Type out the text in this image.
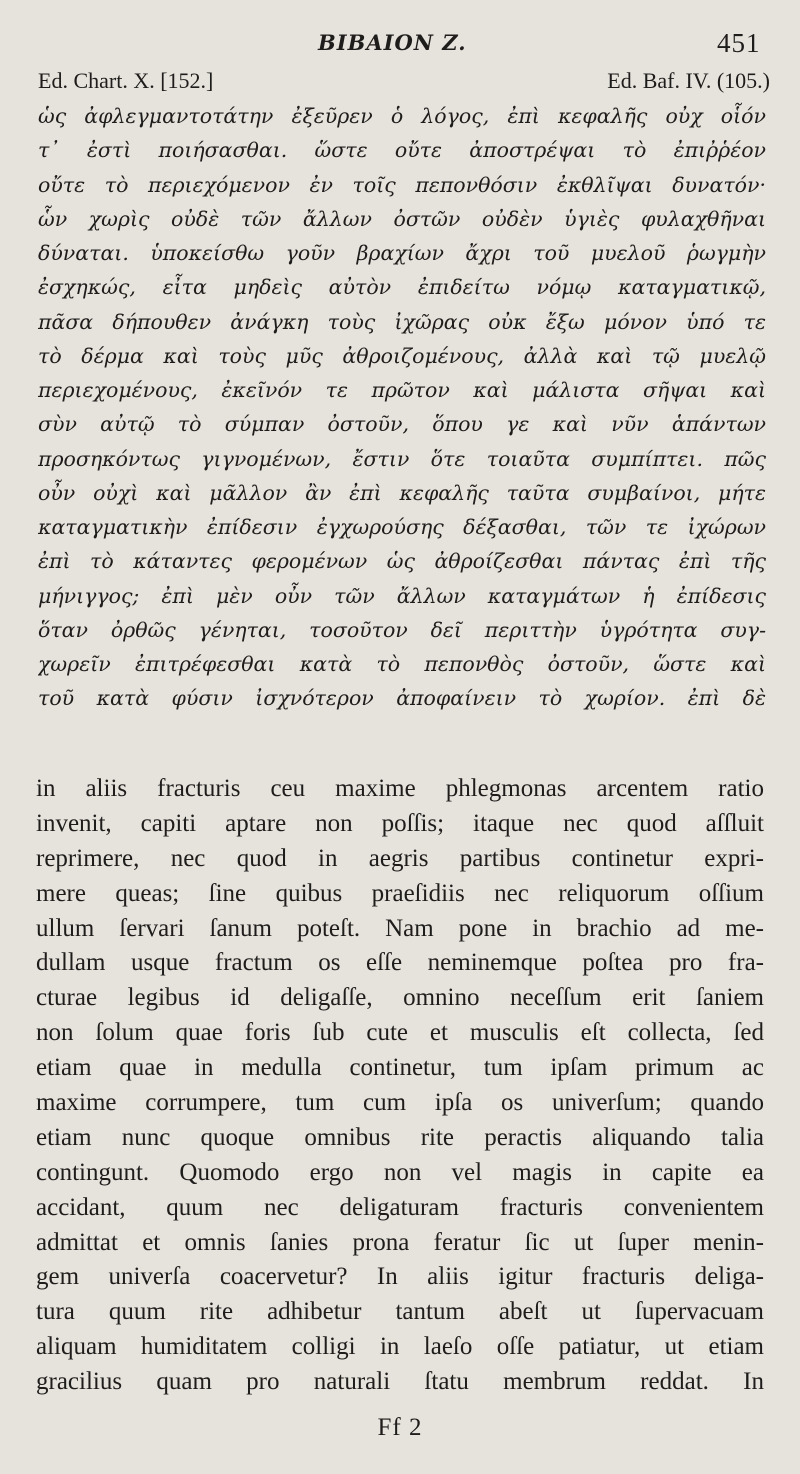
BIBAION Z.	451
Ed. Chart. X. [152.]	Ed. Baf. IV. (105.)
ὡς ἀφλεγμαντοτάτην ἐξεῦρεν ὁ λόγος, ἐπὶ κεφαλῆς οὐχ οἷόν
τ᾽ ἐστὶ ποιήσασθαι. ὥστε οὔτε ἀποστρέψαι τὸ ἐπιῤῥέον
οὔτε τὸ περιεχόμενον ἐν τοῖς πεπονθόσιν ἐκθλῖψαι δυνατόν·
ὧν χωρὶς οὐδὲ τῶν ἄλλων ὀστῶν οὐδὲν ὑγιὲς φυλαχθῆναι
δύναται. ὑποκείσθω γοῦν βραχίων ἄχρι τοῦ μυελοῦ ῥωγμὴν
ἐσχηκώς, εἶτα μηδεὶς αὐτὸν ἐπιδείτω νόμῳ καταγματικῷ,
πᾶσα δήπουθεν ἀνάγκη τοὺς ἰχῶρας οὐκ ἔξω μόνον ὑπό τε
τὸ δέρμα καὶ τοὺς μῦς ἀθροιζομένους, ἀλλὰ καὶ τῷ μυελῷ
περιεχομένους, ἐκεῖνόν τε πρῶτον καὶ μάλιστα σῆψαι καὶ
σὺν αὐτῷ τὸ σύμπαν ὀστοῦν, ὅπου γε καὶ νῦν ἁπάντων
προσηκόντως γιγνομένων, ἔστιν ὅτε τοιαῦτα συμπίπτει. πῶς
οὖν οὐχὶ καὶ μᾶλλον ἂν ἐπὶ κεφαλῆς ταῦτα συμβαίνοι, μήτε
καταγματικὴν ἐπίδεσιν ἐγχωρούσης δέξασθαι, τῶν τε ἰχώρων
ἐπὶ τὸ κάταντες φερομένων ὡς ἀθροίζεσθαι πάντας ἐπὶ τῆς
μήνιγγος; ἐπὶ μὲν οὖν τῶν ἄλλων καταγμάτων ἡ ἐπίδεσις
ὅταν ὀρθῶς γένηται, τοσοῦτον δεῖ περιττὴν ὑγρότητα συγ-
χωρεῖν ἐπιτρέφεσθαι κατὰ τὸ πεπονθὸς ὀστοῦν, ὥστε καὶ
τοῦ κατὰ φύσιν ἰσχνότερον ἀποφαίνειν τὸ χωρίον. ἐπὶ δὲ
in aliis fracturis ceu maxime phlegmonas arcentem ratio
invenit, capiti aptare non poſſis; itaque nec quod aſſluit
reprimere, nec quod in aegris partibus continetur expri-
mere queas; ſine quibus praeſidiis nec reliquorum oſſium
ullum ſervari ſanum poteſt. Nam pone in brachio ad me-
dullam usque fractum os eſſe neminemque poſtea pro fra-
cturae legibus id deligaſſe, omnino neceſſum erit ſaniem
non ſolum quae foris ſub cute et musculis eſt collecta, ſed
etiam quae in medulla continetur, tum ipſam primum ac
maxime corrumpere, tum cum ipſa os univerſum; quando
etiam nunc quoque omnibus rite peractis aliquando talia
contingunt. Quomodo ergo non vel magis in capite ea
accidant, quum nec deligaturam fracturis convenientem
admittat et omnis ſanies prona feratur ſic ut ſuper menin-
gem univerſa coacervetur? In aliis igitur fracturis deliga-
tura quum rite adhibetur tantum abeſt ut ſupervacuam
aliquam humiditatem colligi in laeſo oſſe patiatur, ut etiam
gracilius quam pro naturali ſtatu membrum reddat. In
Ff 2
